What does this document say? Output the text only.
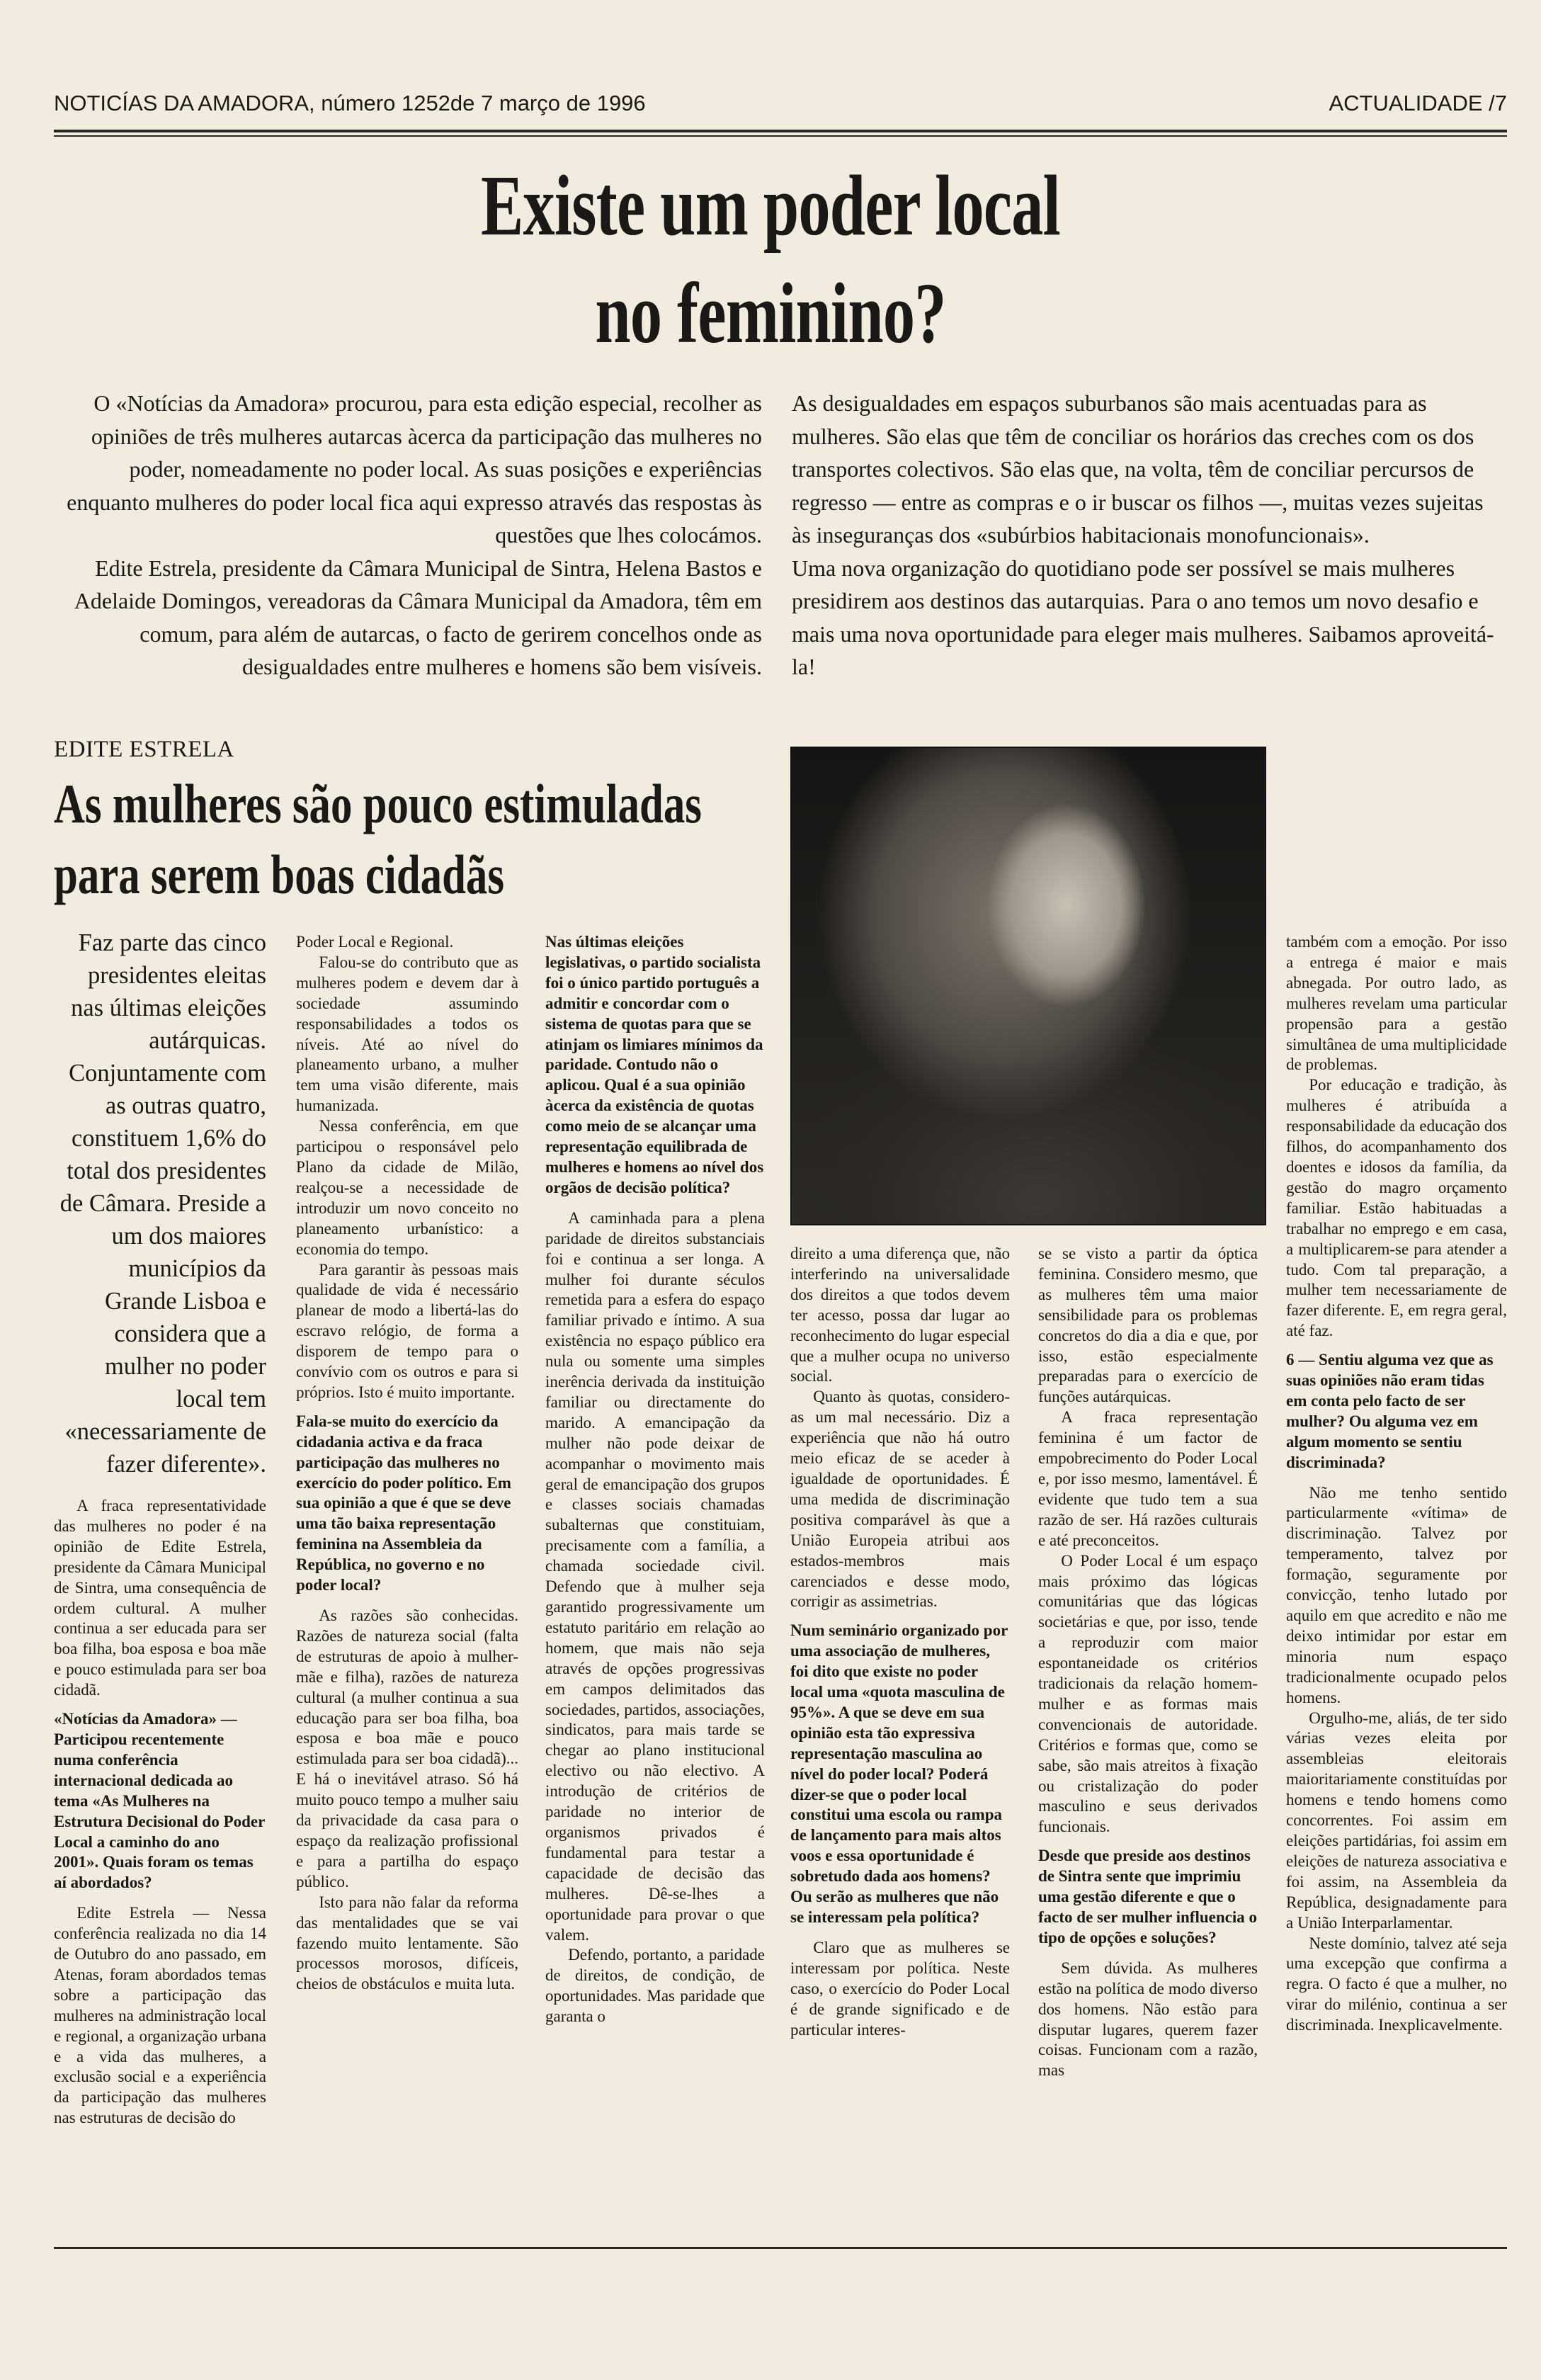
NOTICÍAS DA AMADORA, número 1252de 7 março de 1996	ACTUALIDADE /7
Existe um poder local
no feminino?

O «Notícias da Amadora» procurou, para esta edição especial, recolher as opiniões de três mulheres autarcas àcerca da participação das mulheres no poder, nomeadamente no poder local. As suas posições e experiências enquanto mulheres do poder local fica aqui expresso através das respostas às questões que lhes colocámos.

Edite Estrela, presidente da Câmara Municipal de Sintra, Helena Bastos e Adelaide Domingos, vereadoras da Câmara Municipal da Amadora, têm em comum, para além de autarcas, o facto de gerirem concelhos onde as desigualdades entre mulheres e homens são bem visíveis.

As desigualdades em espaços suburbanos são mais acentuadas para as mulheres. São elas que têm de conciliar os horários das creches com os dos transportes colectivos. São elas que, na volta, têm de conciliar percursos de regresso — entre as compras e o ir buscar os filhos —, muitas vezes sujeitas às inseguranças dos «subúrbios habitacionais monofuncionais».

Uma nova organização do quotidiano pode ser possível se mais mulheres presidirem aos destinos das autarquias. Para o ano temos um novo desafio e mais uma nova oportunidade para eleger mais mulheres. Saibamos aproveitá-la!

EDITE ESTRELA
As mulheres são pouco estimuladas
para serem boas cidadãs
Faz parte das cinco presidentes eleitas nas últimas eleições autárquicas. Conjuntamente com as outras quatro, constituem 1,6% do total dos presidentes de Câmara. Preside a um dos maiores municípios da Grande Lisboa e considera que a mulher no poder local tem «necessariamente de fazer diferente».

A fraca representatividade das mulheres no poder é na opinião de Edite Estrela, presidente da Câmara Municipal de Sintra, uma consequência de ordem cultural. A mulher continua a ser educada para ser boa filha, boa esposa e boa mãe e pouco estimulada para ser boa cidadã.

«Notícias da Amadora» — Participou recentemente numa conferência internacional dedicada ao tema «As Mulheres na Estrutura Decisional do Poder Local a caminho do ano 2001». Quais foram os temas aí abordados?

Edite Estrela — Nessa conferência realizada no dia 14 de Outubro do ano passado, em Atenas, foram abordados temas sobre a participação das mulheres na administração local e regional, a organização urbana e a vida das mulheres, a exclusão social e a experiência da participação das mulheres nas estruturas de decisão do

Poder Local e Regional.

Falou-se do contributo que as mulheres podem e devem dar à sociedade assumindo responsabilidades a todos os níveis. Até ao nível do planeamento urbano, a mulher tem uma visão diferente, mais humanizada.

Nessa conferência, em que participou o responsável pelo Plano da cidade de Milão, realçou-se a necessidade de introduzir um novo conceito no planeamento urbanístico: a economia do tempo.

Para garantir às pessoas mais qualidade de vida é necessário planear de modo a libertá-las do escravo relógio, de forma a disporem de tempo para o convívio com os outros e para si próprios. Isto é muito importante.

Fala-se muito do exercício da cidadania activa e da fraca participação das mulheres no exercício do poder político. Em sua opinião a que é que se deve uma tão baixa representação feminina na Assembleia da República, no governo e no poder local?

As razões são conhecidas. Razões de natureza social (falta de estruturas de apoio à mulher-mãe e filha), razões de natureza cultural (a mulher continua a sua educação para ser boa filha, boa esposa e boa mãe e pouco estimulada para ser boa cidadã)... E há o inevitável atraso. Só há muito pouco tempo a mulher saiu da privacidade da casa para o espaço da realização profissional e para a partilha do espaço público.

Isto para não falar da reforma das mentalidades que se vai fazendo muito lentamente. São processos morosos, difíceis, cheios de obstáculos e muita luta.

Nas últimas eleições legislativas, o partido socialista foi o único partido português a admitir e concordar com o sistema de quotas para que se atinjam os limiares mínimos da paridade. Contudo não o aplicou. Qual é a sua opinião àcerca da existência de quotas como meio de se alcançar uma representação equilibrada de mulheres e homens ao nível dos orgãos de decisão política?

A caminhada para a plena paridade de direitos substanciais foi e continua a ser longa. A mulher foi durante séculos remetida para a esfera do espaço familiar privado e íntimo. A sua existência no espaço público era nula ou somente uma simples inerência derivada da instituição familiar ou directamente do marido. A emancipação da mulher não pode deixar de acompanhar o movimento mais geral de emancipação dos grupos e classes sociais chamadas subalternas que constituiam, precisamente com a família, a chamada sociedade civil. Defendo que à mulher seja garantido progressivamente um estatuto paritário em relação ao homem, que mais não seja através de opções progressivas em campos delimitados das sociedades, partidos, associações, sindicatos, para mais tarde se chegar ao plano institucional electivo ou não electivo. A introdução de critérios de paridade no interior de organismos privados é fundamental para testar a capacidade de decisão das mulheres. Dê-se-lhes a oportunidade para provar o que valem.

Defendo, portanto, a paridade de direitos, de condição, de oportunidades. Mas paridade que garanta o

direito a uma diferença que, não interferindo na universalidade dos direitos a que todos devem ter acesso, possa dar lugar ao reconhecimento do lugar especial que a mulher ocupa no universo social.

Quanto às quotas, considero-as um mal necessário. Diz a experiência que não há outro meio eficaz de se aceder à igualdade de oportunidades. É uma medida de discriminação positiva comparável às que a União Europeia atribui aos estados-membros mais carenciados e desse modo, corrigir as assimetrias.

Num seminário organizado por uma associação de mulheres, foi dito que existe no poder local uma «quota masculina de 95%». A que se deve em sua opinião esta tão expressiva representação masculina ao nível do poder local? Poderá dizer-se que o poder local constitui uma escola ou rampa de lançamento para mais altos voos e essa oportunidade é sobretudo dada aos homens? Ou serão as mulheres que não se interessam pela política?

Claro que as mulheres se interessam por política. Neste caso, o exercício do Poder Local é de grande significado e de particular interes-

se se visto a partir da óptica feminina. Considero mesmo, que as mulheres têm uma maior sensibilidade para os problemas concretos do dia a dia e que, por isso, estão especialmente preparadas para o exercício de funções autárquicas.

A fraca representação feminina é um factor de empobrecimento do Poder Local e, por isso mesmo, lamentável. É evidente que tudo tem a sua razão de ser. Há razões culturais e até preconceitos.

O Poder Local é um espaço mais próximo das lógicas comunitárias que das lógicas societárias e que, por isso, tende a reproduzir com maior espontaneidade os critérios tradicionais da relação homem-mulher e as formas mais convencionais de autoridade. Critérios e formas que, como se sabe, são mais atreitos à fixação ou cristalização do poder masculino e seus derivados funcionais.

Desde que preside aos destinos de Sintra sente que imprimiu uma gestão diferente e que o facto de ser mulher influencia o tipo de opções e soluções?

Sem dúvida. As mulheres estão na política de modo diverso dos homens. Não estão para disputar lugares, querem fazer coisas. Funcionam com a razão, mas

também com a emoção. Por isso a entrega é maior e mais abnegada. Por outro lado, as mulheres revelam uma particular propensão para a gestão simultânea de uma multiplicidade de problemas.

Por educação e tradição, às mulheres é atribuída a responsabilidade da educação dos filhos, do acompanhamento dos doentes e idosos da família, da gestão do magro orçamento familiar. Estão habituadas a trabalhar no emprego e em casa, a multiplicarem-se para atender a tudo. Com tal preparação, a mulher tem necessariamente de fazer diferente. E, em regra geral, até faz.

6 — Sentiu alguma vez que as suas opiniões não eram tidas em conta pelo facto de ser mulher? Ou alguma vez em algum momento se sentiu discriminada?

Não me tenho sentido particularmente «vítima» de discriminação. Talvez por temperamento, talvez por formação, seguramente por convicção, tenho lutado por aquilo em que acredito e não me deixo intimidar por estar em minoria num espaço tradicionalmente ocupado pelos homens.

Orgulho-me, aliás, de ter sido várias vezes eleita por assembleias eleitorais maioritariamente constituídas por homens e tendo homens como concorrentes. Foi assim em eleições partidárias, foi assim em eleições de natureza associativa e foi assim, na Assembleia da República, designadamente para a União Interparlamentar.

Neste domínio, talvez até seja uma excepção que confirma a regra. O facto é que a mulher, no virar do milénio, continua a ser discriminada. Inexplicavelmente.
